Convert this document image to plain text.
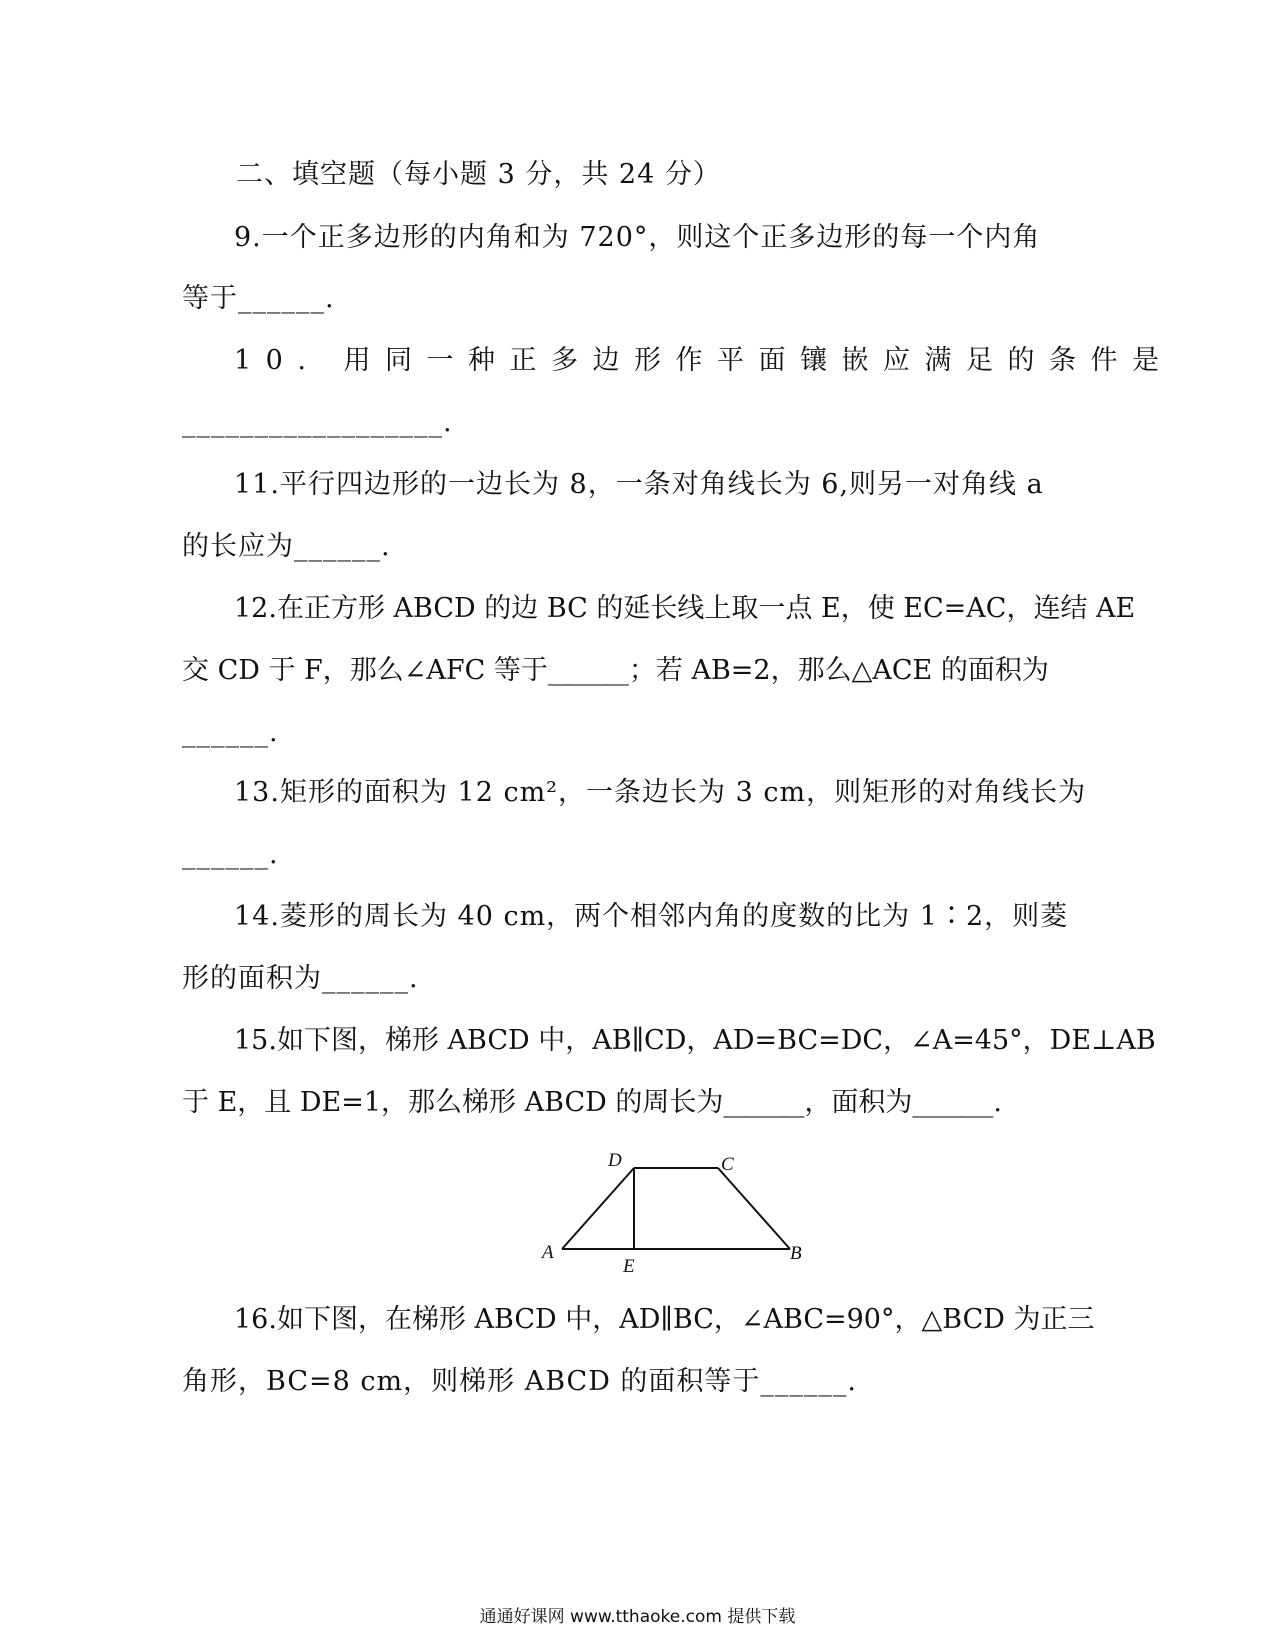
二、填空题（每小题 3 分，共 24 分）
9.一个正多边形的内角和为 720°，则这个正多边形的每一个内角
等于______.
10. 用同一种正多边形作平面镶嵌应满足的条件是
__________________.
11.平行四边形的一边长为 8，一条对角线长为 6,则另一对角线 a
的长应为______.
12.在正方形 ABCD 的边 BC 的延长线上取一点 E，使 EC=AC，连结 AE
交 CD 于 F，那么∠AFC 等于______；若 AB=2，那么△ACE 的面积为
______.
13.矩形的面积为 12 cm²，一条边长为 3 cm，则矩形的对角线长为
______.
14.菱形的周长为 40 cm，两个相邻内角的度数的比为 1∶2，则菱
形的面积为______.
15.如下图，梯形 ABCD 中，AB∥CD，AD=BC=DC，∠A=45°，DE⊥AB
于 E，且 DE=1，那么梯形 ABCD 的周长为______，面积为______.
A	B
C
D
E
16.如下图，在梯形 ABCD 中，AD∥BC，∠ABC=90°，△BCD 为正三
角形，BC=8 cm，则梯形 ABCD 的面积等于______.
通通好课网 www.tthaoke.com 提供下载
